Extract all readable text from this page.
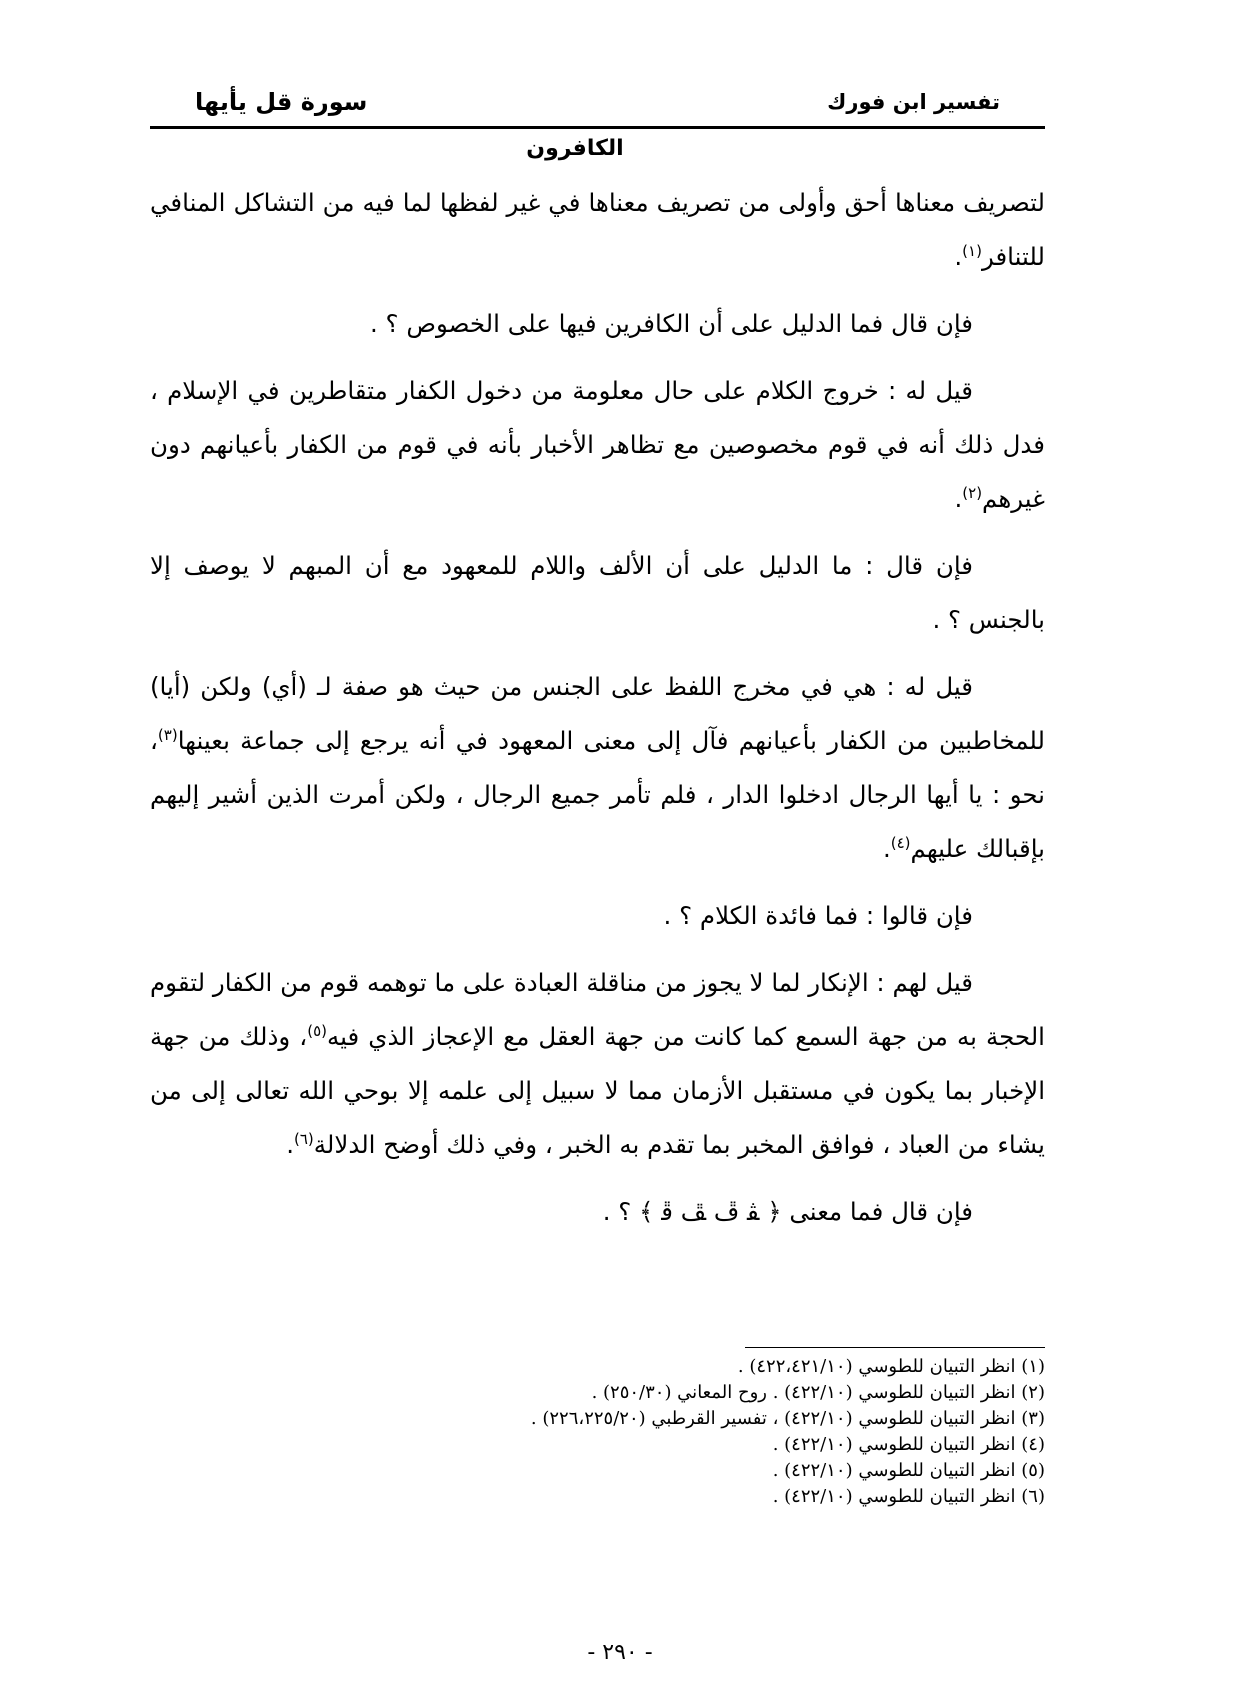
تفسير ابن فورك
سورة قل يأيها
الكافرون

لتصريف معناها أحق وأولى من تصريف معناها في غير لفظها لما فيه من التشاكل المنافي للتنافر$^{(١)}$.

فإن قال فما الدليل على أن الكافرين فيها على الخصوص ؟ .

قيل له : خروج الكلام على حال معلومة من دخول الكفار متقاطرين في الإسلام ، فدل ذلك أنه في قوم مخصوصين مع تظاهر الأخبار بأنه في قوم من الكفار بأعيانهم دون غيرهم$^{(٢)}$.

فإن قال : ما الدليل على أن الألف واللام للمعهود مع أن المبهم لا يوصف إلا بالجنس ؟ .

قيل له : هي في مخرج اللفظ على الجنس من حيث هو صفة لـ (أي) ولكن (أيا) للمخاطبين من الكفار بأعيانهم فآل إلى معنى المعهود في أنه يرجع إلى جماعة بعينها$^{(٣)}$، نحو : يا أيها الرجال ادخلوا الدار ، فلم تأمر جميع الرجال ، ولكن أمرت الذين أشير إليهم بإقبالك عليهم$^{(٤)}$.

فإن قالوا : فما فائدة الكلام ؟ .

قيل لهم : الإنكار لما لا يجوز من مناقلة العبادة على ما توهمه قوم من الكفار لتقوم الحجة به من جهة السمع كما كانت من جهة العقل مع الإعجاز الذي فيه$^{(٥)}$، وذلك من جهة الإخبار بما يكون في مستقبل الأزمان مما لا سبيل إلى علمه إلا بوحي الله تعالى إلى من يشاء من العباد ، فوافق المخبر بما تقدم به الخبر ، وفي ذلك أوضح الدلالة$^{(٦)}$.

فإن قال فما معنى ﴿ ﭭ ﭮ ﭯ ﭰ ﴾ ؟ .

(١) انظر التبيان للطوسي (٤٢٢،٤٢١/١٠) .
(٢) انظر التبيان للطوسي (٤٢٢/١٠) . روح المعاني (٢٥٠/٣٠) .
(٣) انظر التبيان للطوسي (٤٢٢/١٠) ، تفسير القرطبي (٢٢٦،٢٢٥/٢٠) .
(٤) انظر التبيان للطوسي (٤٢٢/١٠) .
(٥) انظر التبيان للطوسي (٤٢٢/١٠) .
(٦) انظر التبيان للطوسي (٤٢٢/١٠) .
- ٢٩٠ -
